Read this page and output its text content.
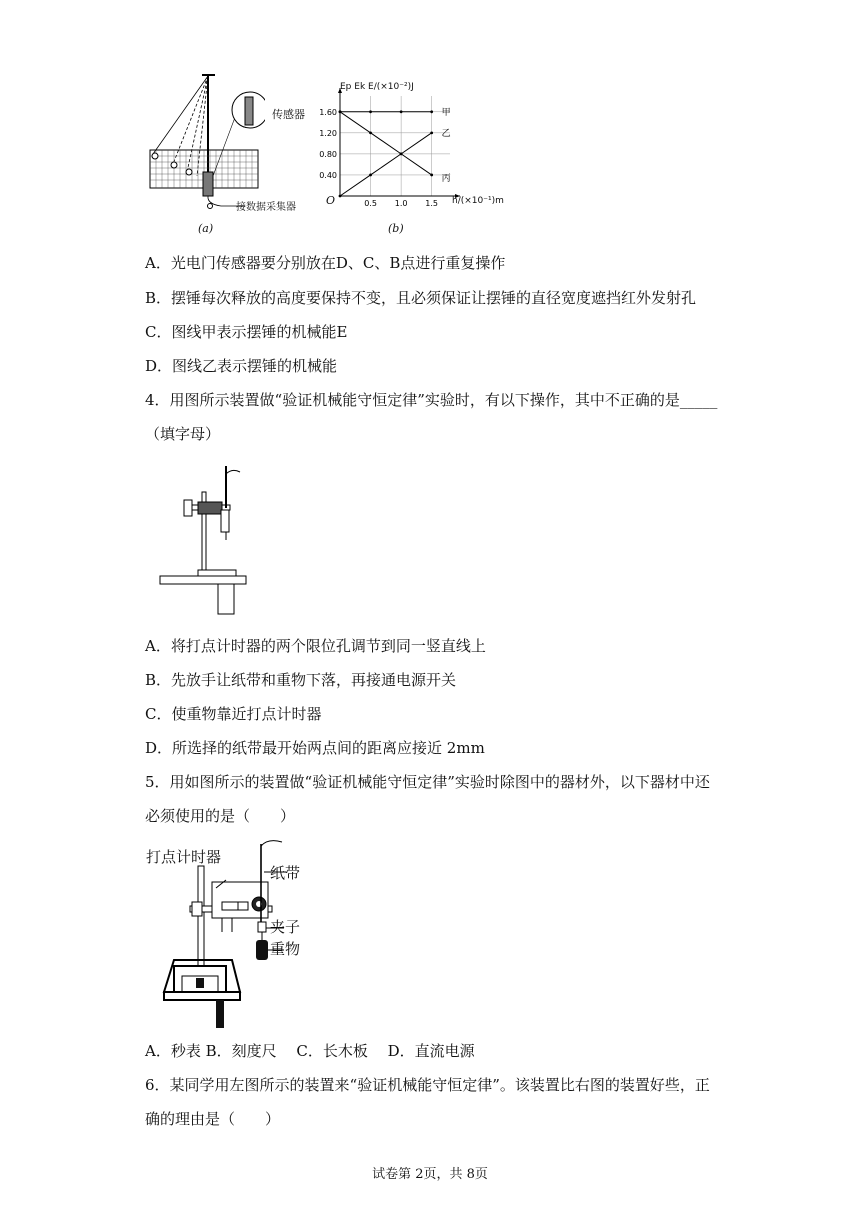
传感器
接数据采集器
(a)
0.5 1.0 1.5
1.60
1.20
0.80
0.40
甲
乙
丙
Ep Ek E/(×10⁻²)J
h/(×10⁻¹)m
O
(b)
A．光电门传感器要分别放在D、C、B点进行重复操作
B．摆锤每次释放的高度要保持不变，且必须保证让摆锤的直径宽度遮挡红外发射孔
C．图线甲表示摆锤的机械能E
D．图线乙表示摆锤的机械能
4．用图所示装置做“验证机械能守恒定律”实验时，有以下操作，其中不正确的是_____
（填字母）
A．将打点计时器的两个限位孔调节到同一竖直线上
B．先放手让纸带和重物下落，再接通电源开关
C．使重物靠近打点计时器
D．所选择的纸带最开始两点间的距离应接近 2mm
5．用如图所示的装置做“验证机械能守恒定律”实验时除图中的器材外，以下器材中还
必须使用的是（　　）
打点计时器
纸带
夹子
重物
A．秒表 B．刻度尺　 C．长木板　 D．直流电源
6．某同学用左图所示的装置来“验证机械能守恒定律”。该装置比右图的装置好些，正
确的理由是（　　）
试卷第 2页，共 8页
